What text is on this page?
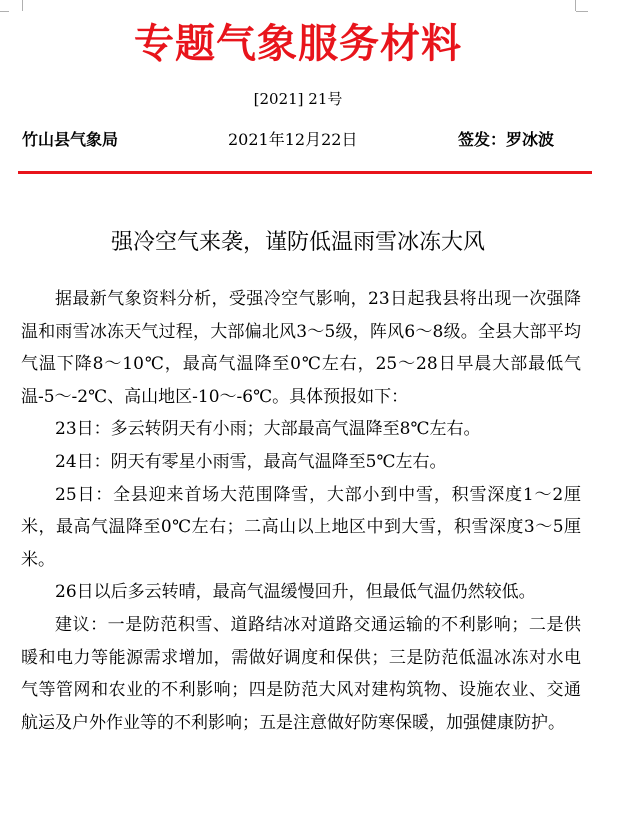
专题气象服务材料
[2021] 21号
竹山县气象局	2021年12月22日	签发：罗冰波
强冷空气来袭，谨防低温雨雪冰冻大风

据最新气象资料分析，受强冷空气影响，23日起我县将出现一次强降温和雨雪冰冻天气过程，大部偏北风3～5级，阵风6～8级。全县大部平均气温下降8～10℃，最高气温降至0℃左右，25～28日早晨大部最低气温-5～-2℃、高山地区-10～-6℃。具体预报如下：

23日：多云转阴天有小雨；大部最高气温降至8℃左右。

24日：阴天有零星小雨雪，最高气温降至5℃左右。

25日：全县迎来首场大范围降雪，大部小到中雪，积雪深度1～2厘米，最高气温降至0℃左右；二高山以上地区中到大雪，积雪深度3～5厘米。

26日以后多云转晴，最高气温缓慢回升，但最低气温仍然较低。

建议：一是防范积雪、道路结冰对道路交通运输的不利影响；二是供暖和电力等能源需求增加，需做好调度和保供；三是防范低温冰冻对水电气等管网和农业的不利影响；四是防范大风对建构筑物、设施农业、交通航运及户外作业等的不利影响；五是注意做好防寒保暖，加强健康防护。
